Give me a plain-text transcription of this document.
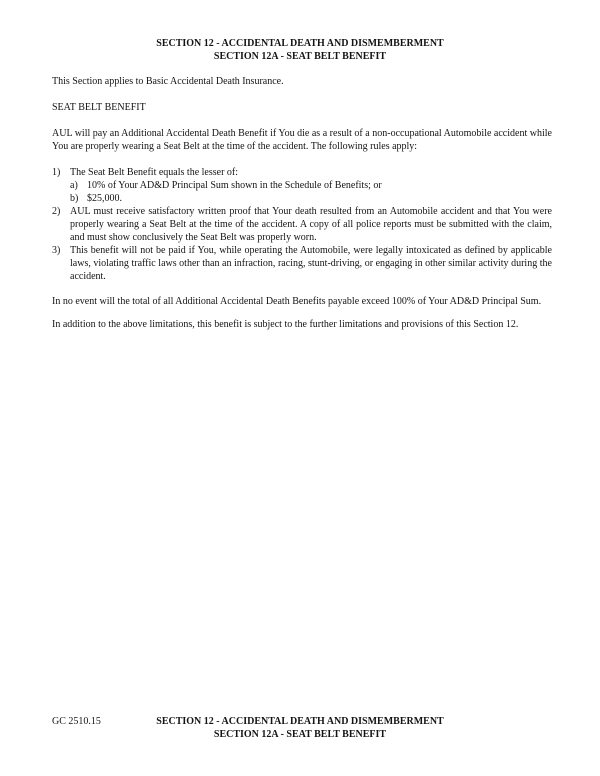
SECTION 12 - ACCIDENTAL DEATH AND DISMEMBERMENT
SECTION 12A - SEAT BELT BENEFIT

This Section applies to Basic Accidental Death Insurance.

SEAT BELT BENEFIT

AUL will pay an Additional Accidental Death Benefit if You die as a result of a non-occupational Automobile accident while You are properly wearing a Seat Belt at the time of the accident. The following rules apply:

1) The Seat Belt Benefit equals the lesser of:
a) 10% of Your AD&D Principal Sum shown in the Schedule of Benefits; or
b) $25,000.
2) AUL must receive satisfactory written proof that Your death resulted from an Automobile accident and that You were properly wearing a Seat Belt at the time of the accident. A copy of all police reports must be submitted with the claim, and must show conclusively the Seat Belt was properly worn.
3) This benefit will not be paid if You, while operating the Automobile, were legally intoxicated as defined by applicable laws, violating traffic laws other than an infraction, racing, stunt-driving, or engaging in other similar activity during the accident.

In no event will the total of all Additional Accidental Death Benefits payable exceed 100% of Your AD&D Principal Sum.

In addition to the above limitations, this benefit is subject to the further limitations and provisions of this Section 12.

GC 2510.15	SECTION 12 - ACCIDENTAL DEATH AND DISMEMBERMENT
SECTION 12A - SEAT BELT BENEFIT
